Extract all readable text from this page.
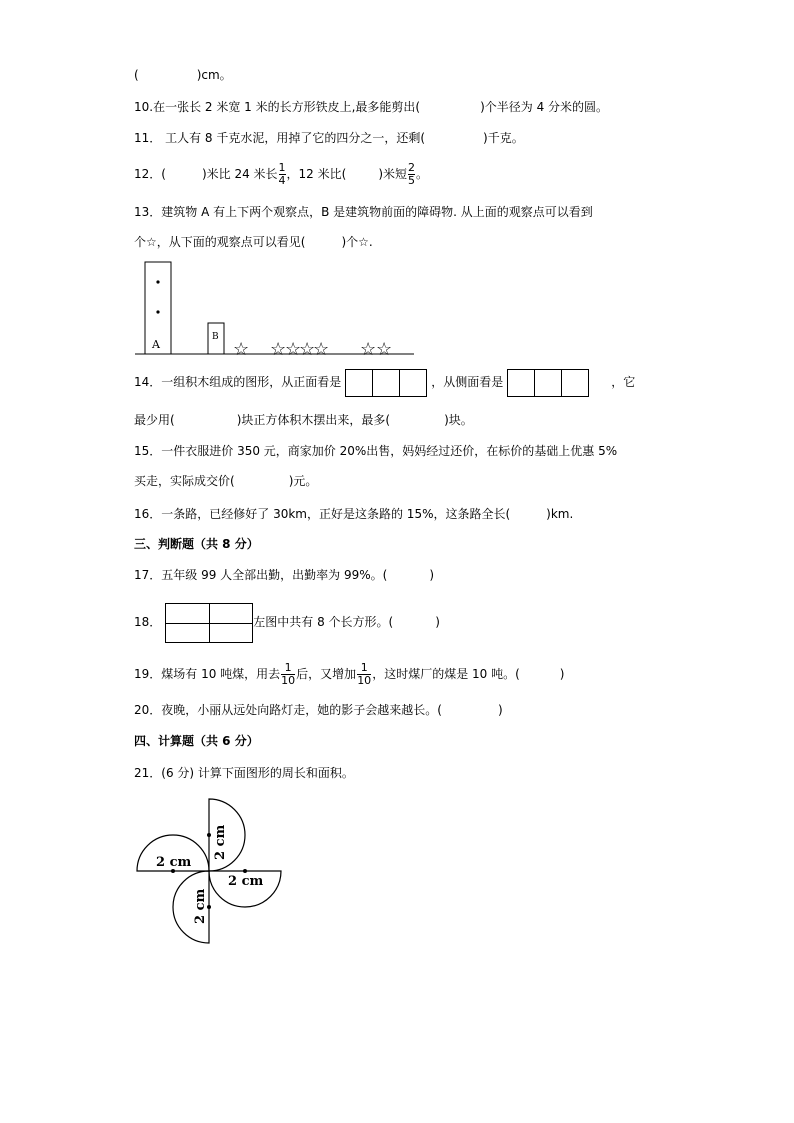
(	)cm。
10.在一张长 2 米宽 1 米的长方形铁皮上,最多能剪出(	)个半径为 4 分米的圆。
11． 工人有 8 千克水泥，用掉了它的四分之一，还剩(	)千克。
12．(	)米比 24 米长 $\frac{1}{4}$ ，12 米比(	)米短 $\frac{2}{5}$ 。
13．建筑物 A 有上下两个观察点，B 是建筑物前面的障碍物. 从上面的观察点可以看到
个☆，从下面的观察点可以看见(	)个☆.
A
B
☆ ☆
☆
☆
☆ ☆ ☆
14．一组积木组成的图形，从正面看是	，从侧面看是	，它
最少用(	)块正方体积木摆出来，最多(	)块。
15．一件衣服进价 350 元，商家加价 20%出售，妈妈经过还价，在标价的基础上优惠 5%
买走，实际成交价(	)元。
16．一条路，已经修好了 30km，正好是这条路的 15%，这条路全长(	)km.
三、判断题（共 8 分）
17．五年级 99 人全部出勤，出勤率为 99%。(	)
18．	左图中共有 8 个长方形。(	)
19．煤场有 10 吨煤，用去 $\frac{1}{10}$ 后，又增加 $\frac{1}{10}$ ，这时煤厂的煤是 10 吨。(	)
20．夜晚，小丽从远处向路灯走，她的影子会越来越长。(	)
四、计算题（共 6 分）
21．(6 分) 计算下面图形的周长和面积。
2 cm
2 cm
2 cm
2 cm
